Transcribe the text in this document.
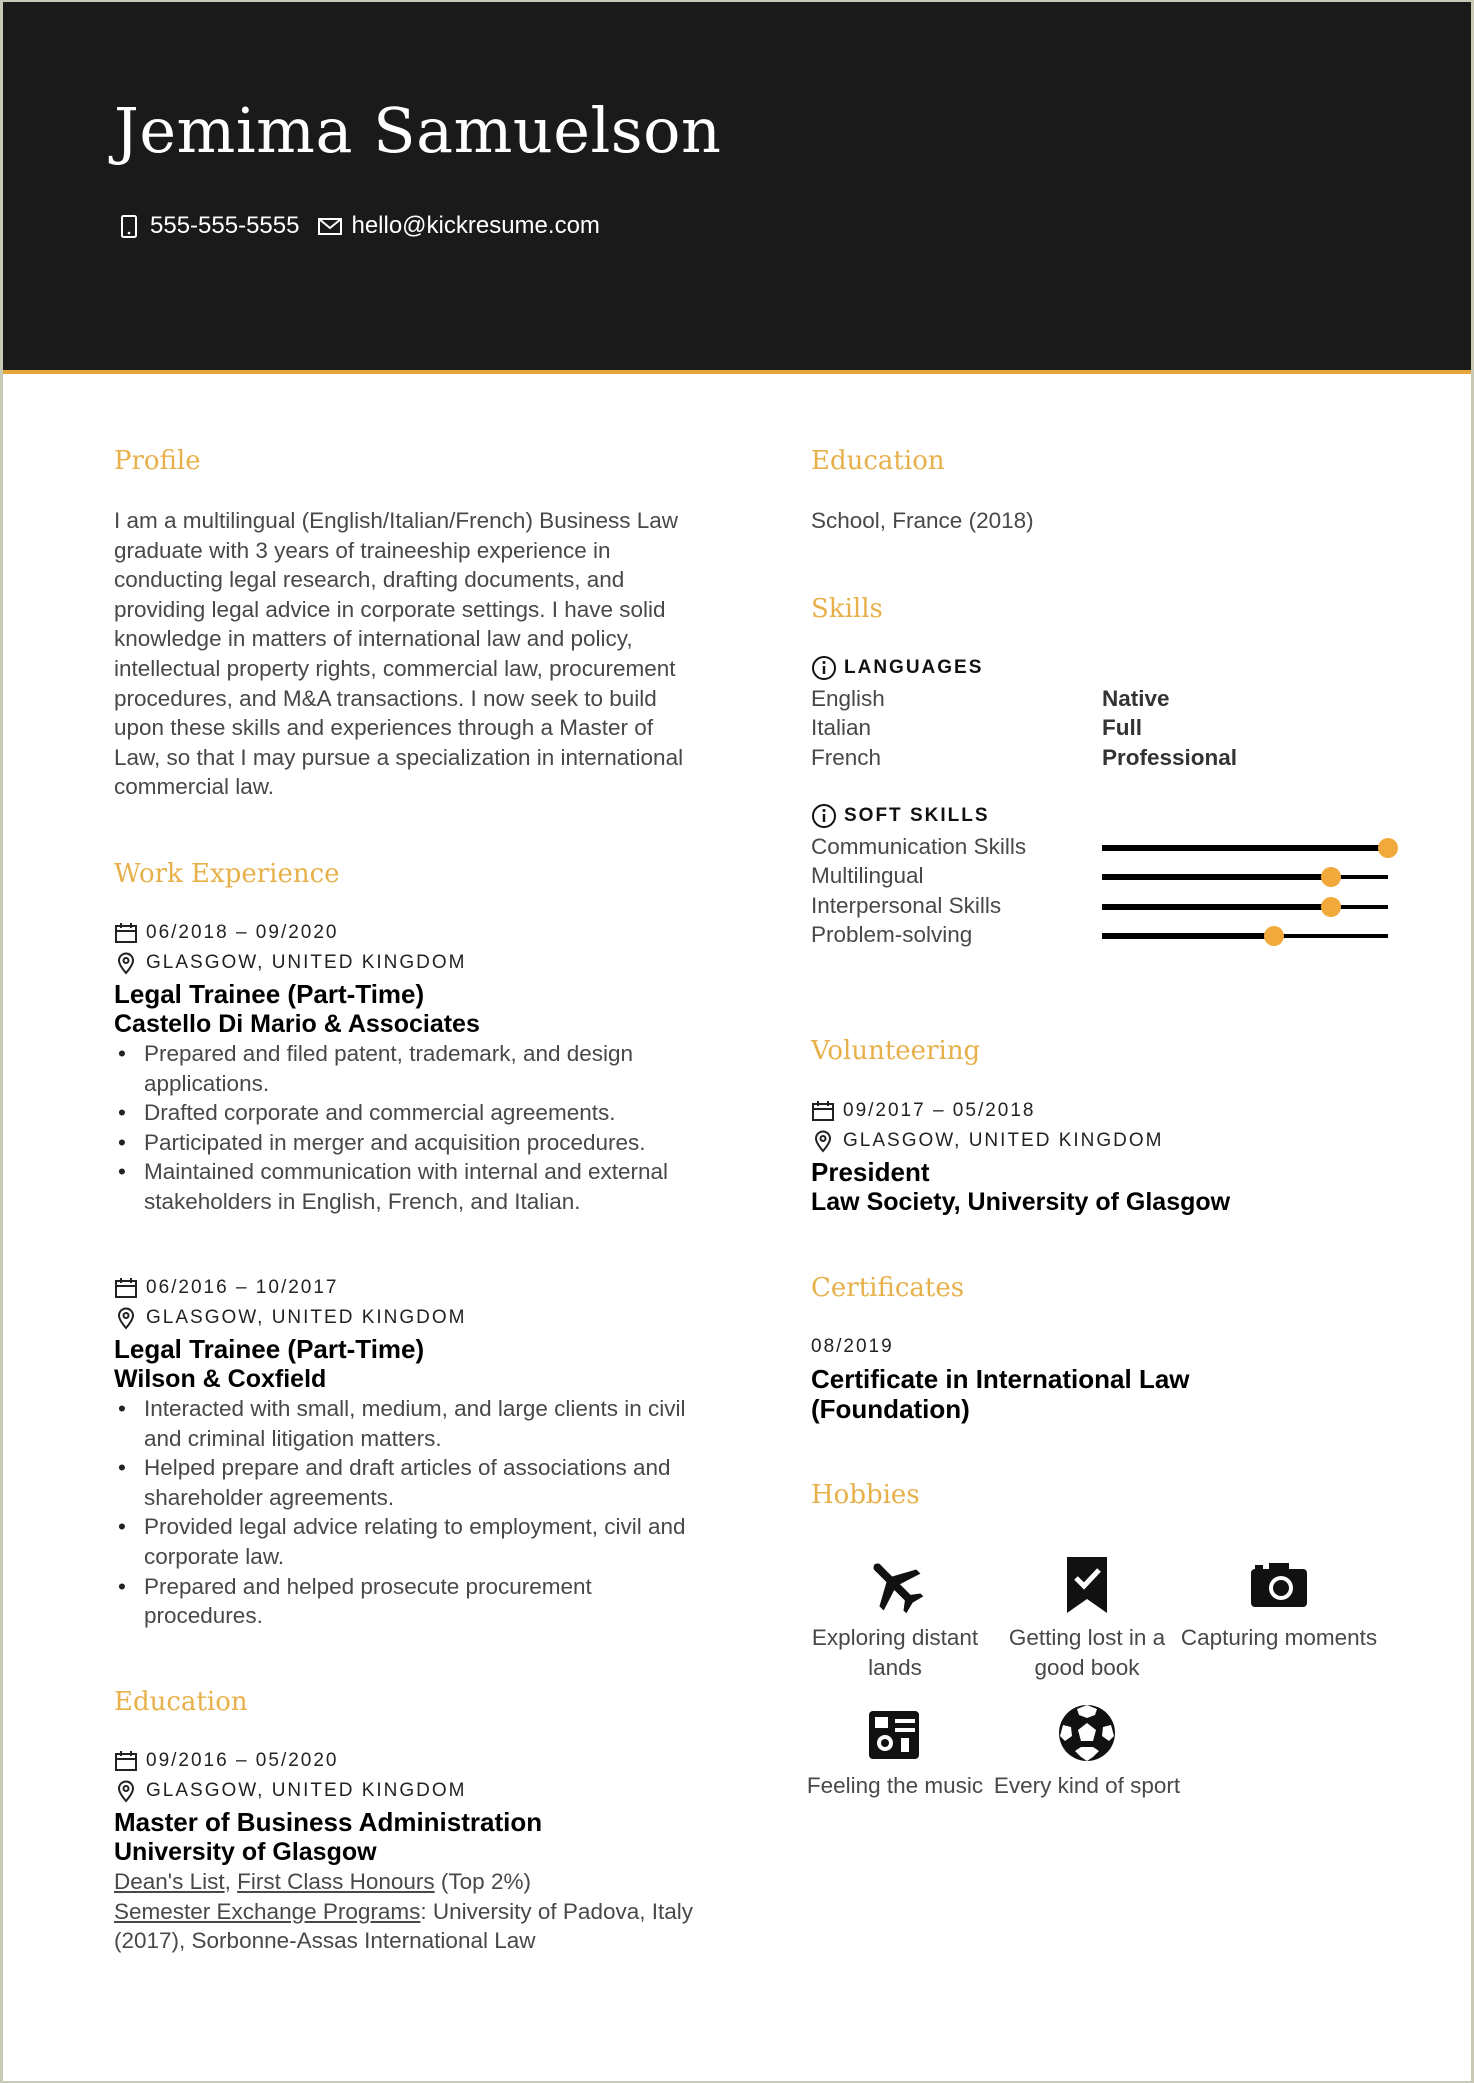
Jemima Samuelson
555-555-5555 hello@kickresume.com
Profile

I am a multilingual (English/Italian/French) Business Law graduate with 3 years of traineeship experience in conducting legal research, drafting documents, and providing legal advice in corporate settings. I have solid knowledge in matters of international law and policy, intellectual property rights, commercial law, procurement procedures, and M&A transactions. I now seek to build upon these skills and experiences through a Master of Law, so that I may pursue a specialization in international commercial law.

Work Experience
06/2018 – 09/2020
GLASGOW, UNITED KINGDOM
Legal Trainee (Part-Time)
Castello Di Mario & Associates
• Prepared and filed patent, trademark, and design applications.
• Drafted corporate and commercial agreements.
• Participated in merger and acquisition procedures.
• Maintained communication with internal and external stakeholders in English, French, and Italian.
06/2016 – 10/2017
GLASGOW, UNITED KINGDOM
Legal Trainee (Part-Time)
Wilson & Coxfield
• Interacted with small, medium, and large clients in civil and criminal litigation matters.
• Helped prepare and draft articles of associations and shareholder agreements.
• Provided legal advice relating to employment, civil and corporate law.
• Prepared and helped prosecute procurement procedures.
Education
09/2016 – 05/2020
GLASGOW, UNITED KINGDOM
Master of Business Administration
University of Glasgow

Dean's List, First Class Honours (Top 2%)
Semester Exchange Programs: University of Padova, Italy (2017), Sorbonne-Assas International Law

Education

School, France (2018)

Skills
LANGUAGES
English	Native
Italian	Full
French	Professional
SOFT SKILLS
Communication Skills
Multilingual
Interpersonal Skills
Problem-solving
Volunteering
09/2017 – 05/2018
GLASGOW, UNITED KINGDOM
President
Law Society, University of Glasgow
Certificates
08/2019
Certificate in International Law (Foundation)
Hobbies
Exploring distant lands
Getting lost in a good book
Capturing moments
Feeling the music Every kind of sport
